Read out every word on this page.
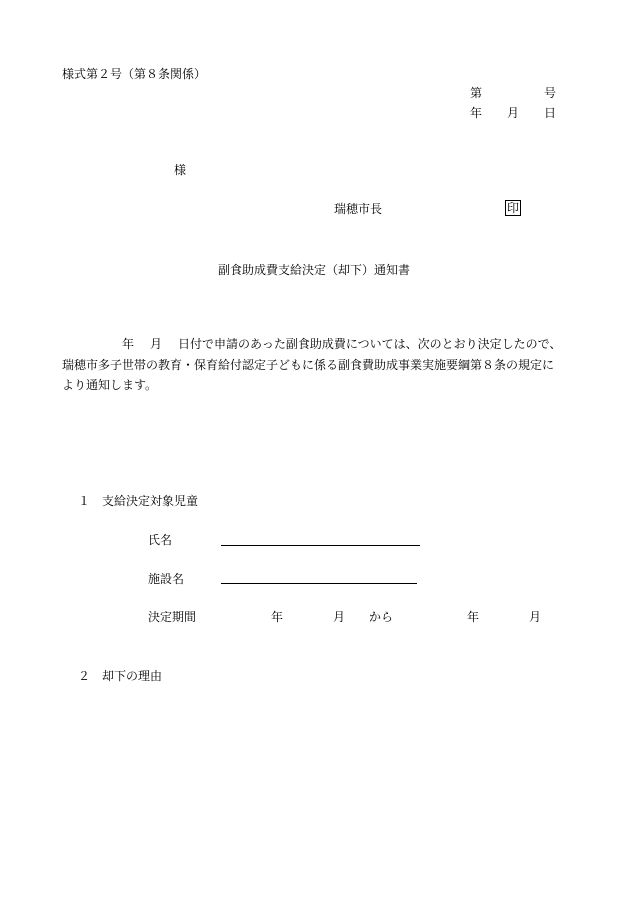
様式第２号（第８条関係）
第	号
年 月 日
様
瑞穂市長	印
副食助成費支給決定（却下）通知書
年 月 日付で申請のあった副食助成費については、次のとおり決定したので、瑞穂市多子世帯の教育・保育給付認定子どもに係る副食費助成事業実施要綱第８条の規定により通知します。
１　支給決定対象児童
氏名
施設名
決定期間	年	月 から	年	月
２　却下の理由
